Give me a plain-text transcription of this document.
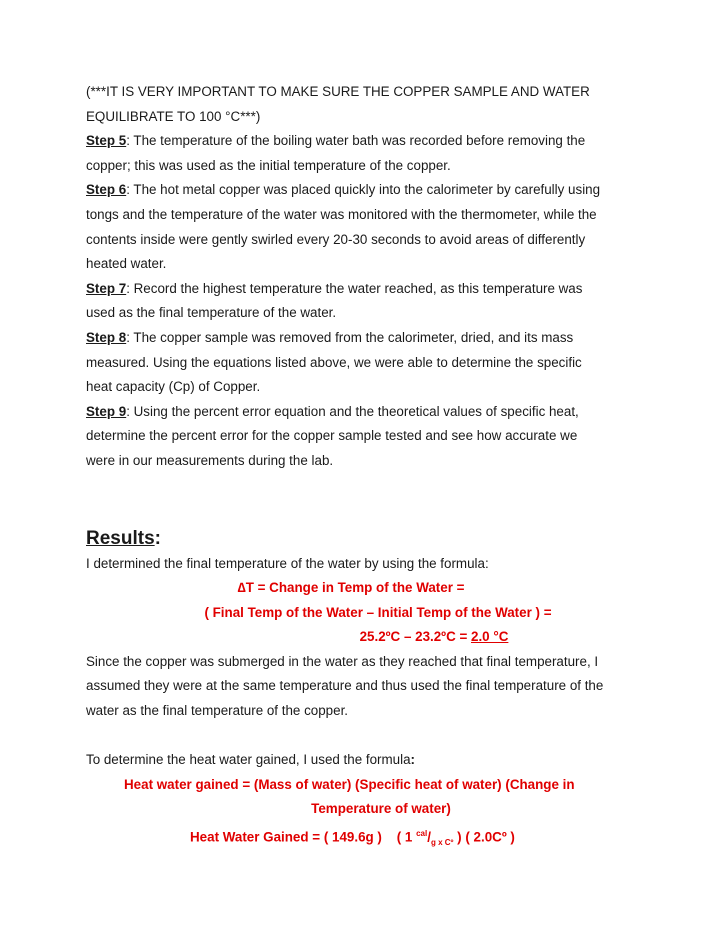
(***IT IS VERY IMPORTANT TO MAKE SURE THE COPPER SAMPLE AND WATER
EQUILIBRATE TO 100 °C***)
Step 5: The temperature of the boiling water bath was recorded before removing the
copper; this was used as the initial temperature of the copper.
Step 6: The hot metal copper was placed quickly into the calorimeter by carefully using
tongs and the temperature of the water was monitored with the thermometer, while the
contents inside were gently swirled every 20-30 seconds to avoid areas of differently
heated water.
Step 7: Record the highest temperature the water reached, as this temperature was
used as the final temperature of the water.
Step 8: The copper sample was removed from the calorimeter, dried, and its mass
measured. Using the equations listed above, we were able to determine the specific
heat capacity (Cp) of Copper.
Step 9: Using the percent error equation and the theoretical values of specific heat,
determine the percent error for the copper sample tested and see how accurate we
were in our measurements during the lab.
Results:
I determined the final temperature of the water by using the formula:
∆T = Change in Temp of the Water =
( Final Temp of the Water – Initial Temp of the Water ) =
25.2ºC – 23.2ºC = 2.0 °C
Since the copper was submerged in the water as they reached that final temperature, I
assumed they were at the same temperature and thus used the final temperature of the
water as the final temperature of the copper.
To determine the heat water gained, I used the formula:
Heat water gained = (Mass of water) (Specific heat of water) (Change in
Temperature of water)
Heat Water Gained = ( 149.6g )    ( 1 $^{cal}/_{g x Cº}$ ) ( 2.0Cº )
